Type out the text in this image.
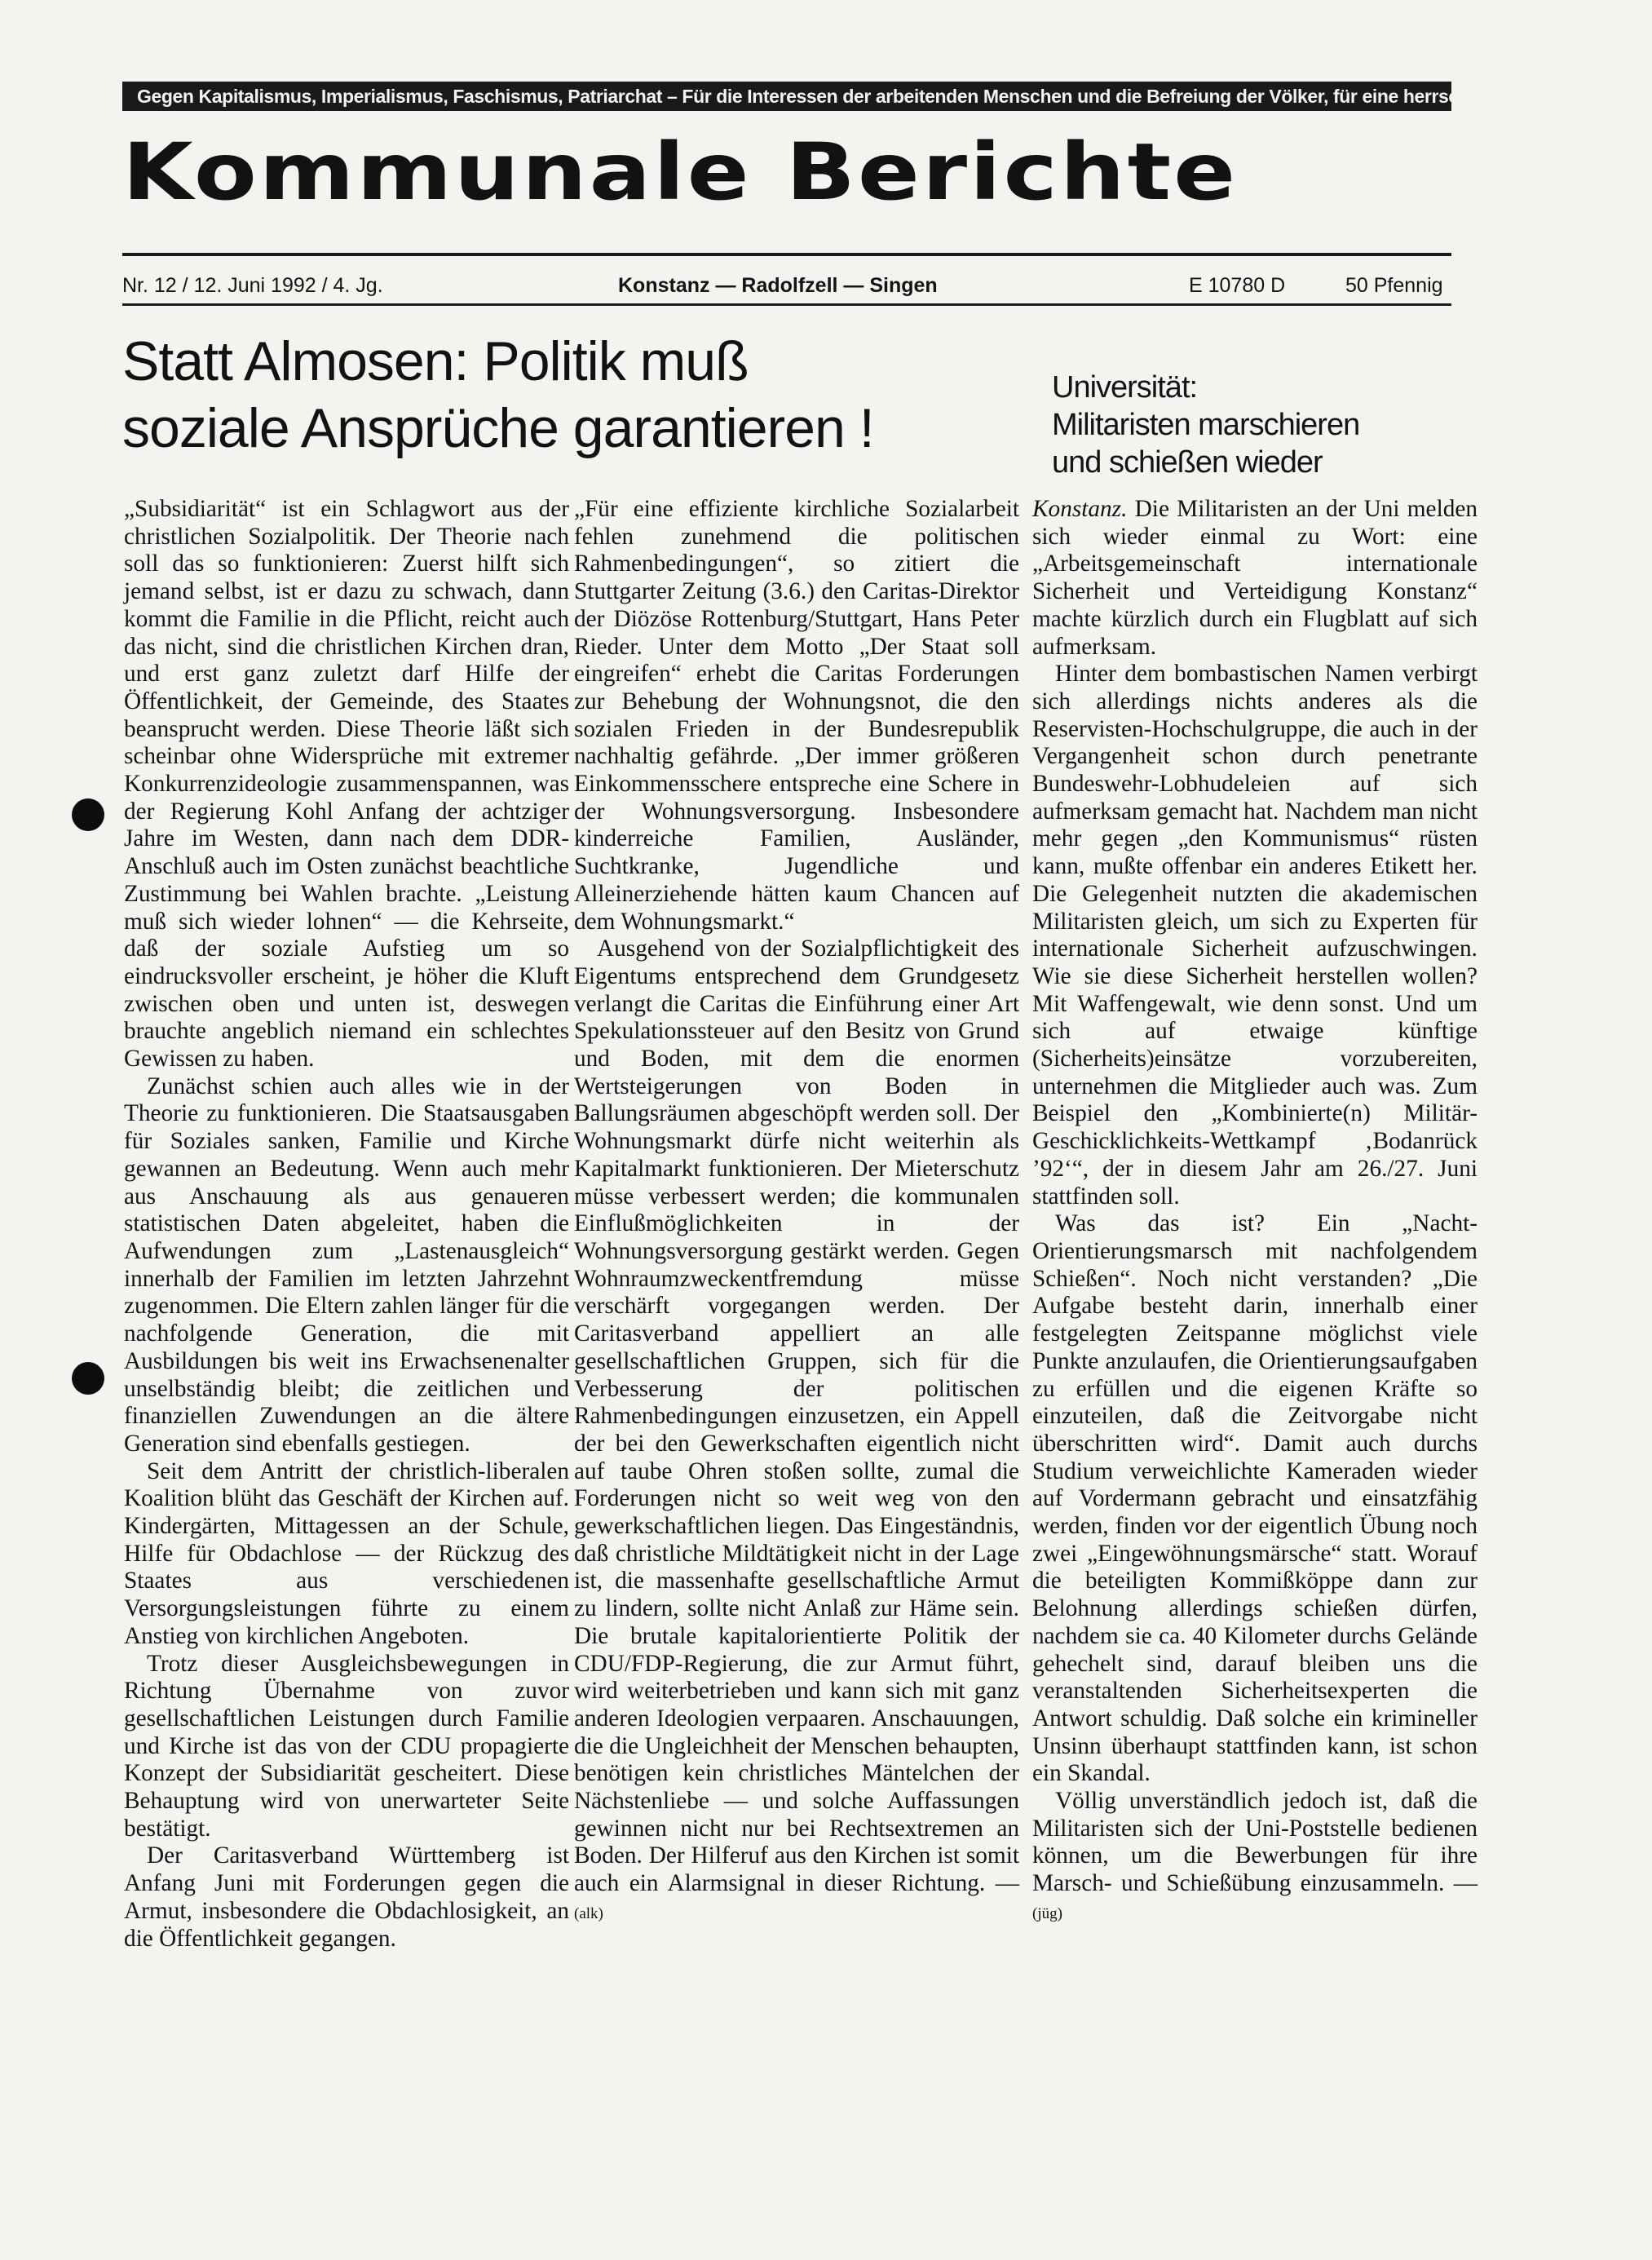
Gegen Kapitalismus, Imperialismus, Faschismus, Patriarchat – Für die Interessen der arbeitenden Menschen und die Befreiung der Völker, für eine herrschaftsfreie Gesellschaft
Kommunale Berichte
Nr. 12 / 12. Juni 1992 / 4. Jg.	Konstanz — Radolfzell — Singen	E 10780 D	50 Pfennig
Statt Almosen: Politik muß
soziale Ansprüche garantieren !
Universität:
Militaristen marschieren
und schießen wieder

„Subsidiarität“ ist ein Schlagwort aus der christlichen Sozialpolitik. Der Theorie nach soll das so funktionieren: Zuerst hilft sich jemand selbst, ist er dazu zu schwach, dann kommt die Familie in die Pflicht, reicht auch das nicht, sind die christlichen Kirchen dran, und erst ganz zuletzt darf Hilfe der Öffentlichkeit, der Gemeinde, des Staates beansprucht werden. Diese Theorie läßt sich scheinbar ohne Widersprüche mit extremer Konkurrenzideologie zusammenspannen, was der Regierung Kohl Anfang der achtziger Jahre im Westen, dann nach dem DDR-Anschluß auch im Osten zunächst beachtliche Zustimmung bei Wahlen brachte. „Leistung muß sich wieder lohnen“ — die Kehrseite, daß der soziale Aufstieg um so eindrucksvoller erscheint, je höher die Kluft zwischen oben und unten ist, deswegen brauchte angeblich niemand ein schlechtes Gewissen zu haben.

Zunächst schien auch alles wie in der Theorie zu funktionieren. Die Staatsausgaben für Soziales sanken, Familie und Kirche gewannen an Bedeutung. Wenn auch mehr aus Anschauung als aus genaueren statistischen Daten abgeleitet, haben die Aufwendungen zum „Lastenausgleich“ innerhalb der Familien im letzten Jahrzehnt zugenommen. Die Eltern zahlen länger für die nachfolgende Generation, die mit Ausbildungen bis weit ins Erwachsenenalter unselbständig bleibt; die zeitlichen und finanziellen Zuwendungen an die ältere Generation sind ebenfalls gestiegen.

Seit dem Antritt der christlich-liberalen Koalition blüht das Geschäft der Kirchen auf. Kindergärten, Mittagessen an der Schule, Hilfe für Obdachlose — der Rückzug des Staates aus verschiedenen Versorgungsleistungen führte zu einem Anstieg von kirchlichen Angeboten.

Trotz dieser Ausgleichsbewegungen in Richtung Übernahme von zuvor gesellschaftlichen Leistungen durch Familie und Kirche ist das von der CDU propagierte Konzept der Subsidiarität gescheitert. Diese Behauptung wird von unerwarteter Seite bestätigt.

Der Caritasverband Württemberg ist Anfang Juni mit Forderungen gegen die Armut, insbesondere die Obdachlosigkeit, an die Öffentlichkeit gegangen.

„Für eine effiziente kirchliche Sozialarbeit fehlen zunehmend die politischen Rahmenbedingungen“, so zitiert die Stuttgarter Zeitung (3.6.) den Caritas-Direktor der Diözöse Rottenburg/Stuttgart, Hans Peter Rieder. Unter dem Motto „Der Staat soll eingreifen“ erhebt die Caritas Forderungen zur Behebung der Wohnungsnot, die den sozialen Frieden in der Bundesrepublik nachhaltig gefährde. „Der immer größeren Einkommensschere entspreche eine Schere in der Wohnungsversorgung. Insbesondere kinderreiche Familien, Ausländer, Suchtkranke, Jugendliche und Alleinerziehende hätten kaum Chancen auf dem Wohnungsmarkt.“

Ausgehend von der Sozialpflichtigkeit des Eigentums entsprechend dem Grundgesetz verlangt die Caritas die Einführung einer Art Spekulationssteuer auf den Besitz von Grund und Boden, mit dem die enormen Wertsteigerungen von Boden in Ballungsräumen abgeschöpft werden soll. Der Wohnungsmarkt dürfe nicht weiterhin als Kapitalmarkt funktionieren. Der Mieterschutz müsse verbessert werden; die kommunalen Einflußmöglichkeiten in der Wohnungsversorgung gestärkt werden. Gegen Wohnraumzweckentfremdung müsse verschärft vorgegangen werden. Der Caritasverband appelliert an alle gesellschaftlichen Gruppen, sich für die Verbesserung der politischen Rahmenbedingungen einzusetzen, ein Appell der bei den Gewerkschaften eigentlich nicht auf taube Ohren stoßen sollte, zumal die Forderungen nicht so weit weg von den gewerkschaftlichen liegen. Das Eingeständnis, daß christliche Mildtätigkeit nicht in der Lage ist, die massenhafte gesellschaftliche Armut zu lindern, sollte nicht Anlaß zur Häme sein. Die brutale kapitalorientierte Politik der CDU/FDP-Regierung, die zur Armut führt, wird weiterbetrieben und kann sich mit ganz anderen Ideologien verpaaren. Anschauungen, die die Ungleichheit der Menschen behaupten, benötigen kein christliches Mäntelchen der Nächstenliebe — und solche Auffassungen gewinnen nicht nur bei Rechtsextremen an Boden. Der Hilferuf aus den Kirchen ist somit auch ein Alarmsignal in dieser Richtung. — (alk)

Konstanz. Die Militaristen an der Uni melden sich wieder einmal zu Wort: eine „Arbeitsgemeinschaft internationale Sicherheit und Verteidigung Konstanz“ machte kürzlich durch ein Flugblatt auf sich aufmerksam.

Hinter dem bombastischen Namen verbirgt sich allerdings nichts anderes als die Reservisten-Hochschulgruppe, die auch in der Vergangenheit schon durch penetrante Bundeswehr-Lobhudeleien auf sich aufmerksam gemacht hat. Nachdem man nicht mehr gegen „den Kommunismus“ rüsten kann, mußte offenbar ein anderes Etikett her. Die Gelegenheit nutzten die akademischen Militaristen gleich, um sich zu Experten für internationale Sicherheit aufzuschwingen. Wie sie diese Sicherheit herstellen wollen? Mit Waffengewalt, wie denn sonst. Und um sich auf etwaige künftige (Sicherheits)einsätze vorzubereiten, unternehmen die Mitglieder auch was. Zum Beispiel den „Kombinierte(n) Militär-Geschicklichkeits-Wettkampf ‚Bodanrück ’92‘“, der in diesem Jahr am 26./27. Juni stattfinden soll.

Was das ist? Ein „Nacht-Orientierungsmarsch mit nachfolgendem Schießen“. Noch nicht verstanden? „Die Aufgabe besteht darin, innerhalb einer festgelegten Zeitspanne möglichst viele Punkte anzulaufen, die Orientierungsaufgaben zu erfüllen und die eigenen Kräfte so einzuteilen, daß die Zeitvorgabe nicht überschritten wird“. Damit auch durchs Studium verweichlichte Kameraden wieder auf Vordermann gebracht und einsatzfähig werden, finden vor der eigentlich Übung noch zwei „Eingewöhnungsmärsche“ statt. Worauf die beteiligten Kommißköppe dann zur Belohnung allerdings schießen dürfen, nachdem sie ca. 40 Kilometer durchs Gelände gehechelt sind, darauf bleiben uns die veranstaltenden Sicherheitsexperten die Antwort schuldig. Daß solche ein krimineller Unsinn überhaupt stattfinden kann, ist schon ein Skandal.

Völlig unverständlich jedoch ist, daß die Militaristen sich der Uni-Poststelle bedienen können, um die Bewerbungen für ihre Marsch- und Schießübung einzusammeln. — (jüg)
